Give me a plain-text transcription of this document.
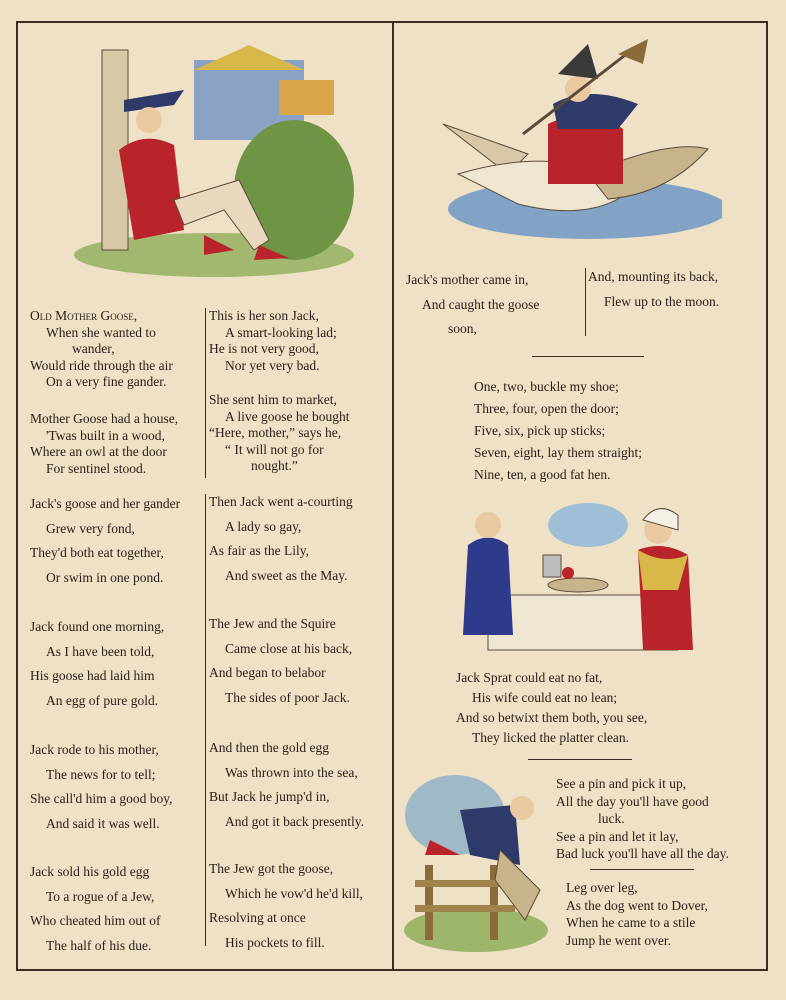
Old Mother Goose,
When she wanted to
wander,
Would ride through the air
On a very fine gander.
Mother Goose had a house,
'Twas built in a wood,
Where an owl at the door
For sentinel stood.
Jack's goose and her gander
Grew very fond,
They'd both eat together,
Or swim in one pond.
Jack found one morning,
As I have been told,
His goose had laid him
An egg of pure gold.
Jack rode to his mother,
The news for to tell;
She call'd him a good boy,
And said it was well.
Jack sold his gold egg
To a rogue of a Jew,
Who cheated him out of
The half of his due.
This is her son Jack,
A smart-looking lad;
He is not very good,
Nor yet very bad.
She sent him to market,
A live goose he bought
“Here, mother,” says he,
“ It will not go for
nought.”
Then Jack went a-courting
A lady so gay,
As fair as the Lily,
And sweet as the May.
The Jew and the Squire
Came close at his back,
And began to belabor
The sides of poor Jack.
And then the gold egg
Was thrown into the sea,
But Jack he jump'd in,
And got it back presently.
The Jew got the goose,
Which he vow'd he'd kill,
Resolving at once
His pockets to fill.
Jack's mother came in,
And caught the goose
soon,
And, mounting its back,
Flew up to the moon.
One, two, buckle my shoe;
Three, four, open the door;
Five, six, pick up sticks;
Seven, eight, lay them straight;
Nine, ten, a good fat hen.
Jack Sprat could eat no fat,
His wife could eat no lean;
And so betwixt them both, you see,
They licked the platter clean.
See a pin and pick it up,
All the day you'll have good
luck.
See a pin and let it lay,
Bad luck you'll have all the day.
Leg over leg,
As the dog went to Dover,
When he came to a stile
Jump he went over.
